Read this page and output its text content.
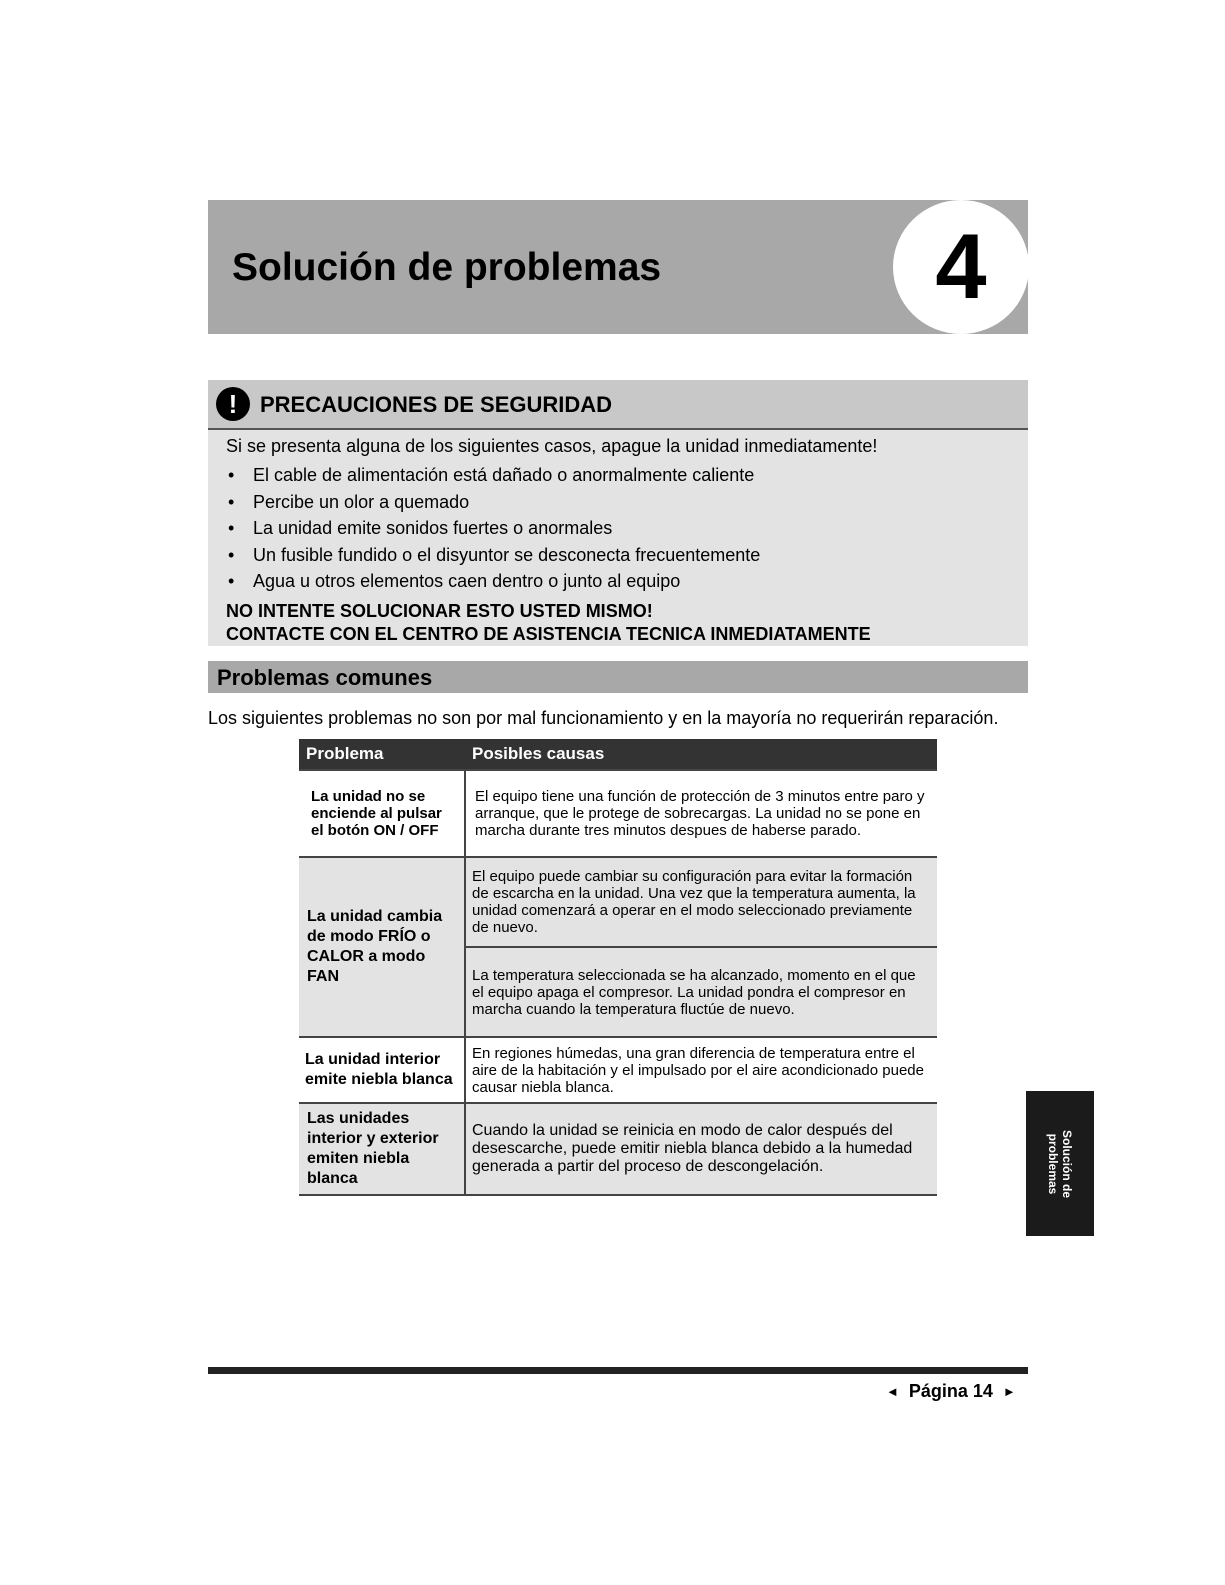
Solución de problemas	4
!	PRECAUCIONES DE SEGURIDAD
Si se presenta alguna de los siguientes casos, apague la unidad inmediatamente!
• El cable de alimentación está dañado o anormalmente caliente
• Percibe un olor a quemado
• La unidad emite sonidos fuertes o anormales
• Un fusible fundido o el disyuntor se desconecta frecuentemente
• Agua u otros elementos caen dentro o junto al equipo
NO INTENTE SOLUCIONAR ESTO USTED MISMO!
CONTACTE CON EL CENTRO DE ASISTENCIA TECNICA INMEDIATAMENTE
Problemas comunes
Los siguientes problemas no son por mal funcionamiento y en la mayoría no requerirán reparación.
Problema	Posibles causas
La unidad no se enciende al pulsar el botón ON / OFF	El equipo tiene una función de protección de 3 minutos entre paro y arranque, que le protege de sobrecargas. La unidad no se pone en marcha durante tres minutos despues de haberse parado.
La unidad cambia de modo FRÍO o CALOR a modo FAN	El equipo puede cambiar su configuración para evitar la formación de escarcha en la unidad. Una vez que la temperatura aumenta, la unidad comenzará a operar en el modo seleccionado previamente de nuevo.
	La temperatura seleccionada se ha alcanzado, momento en el que el equipo apaga el compresor. La unidad pondra el compresor en marcha cuando la temperatura fluctúe de nuevo.
La unidad interior emite niebla blanca	En regiones húmedas, una gran diferencia de temperatura entre el aire de la habitación y el impulsado por el aire acondicionado puede causar niebla blanca.
Las unidades interior y exterior emiten niebla blanca	Cuando la unidad se reinicia en modo de calor después del desescarche, puede emitir niebla blanca debido a la humedad generada a partir del proceso de descongelación.	Solución de
problemas
◄ Página 14 ►
